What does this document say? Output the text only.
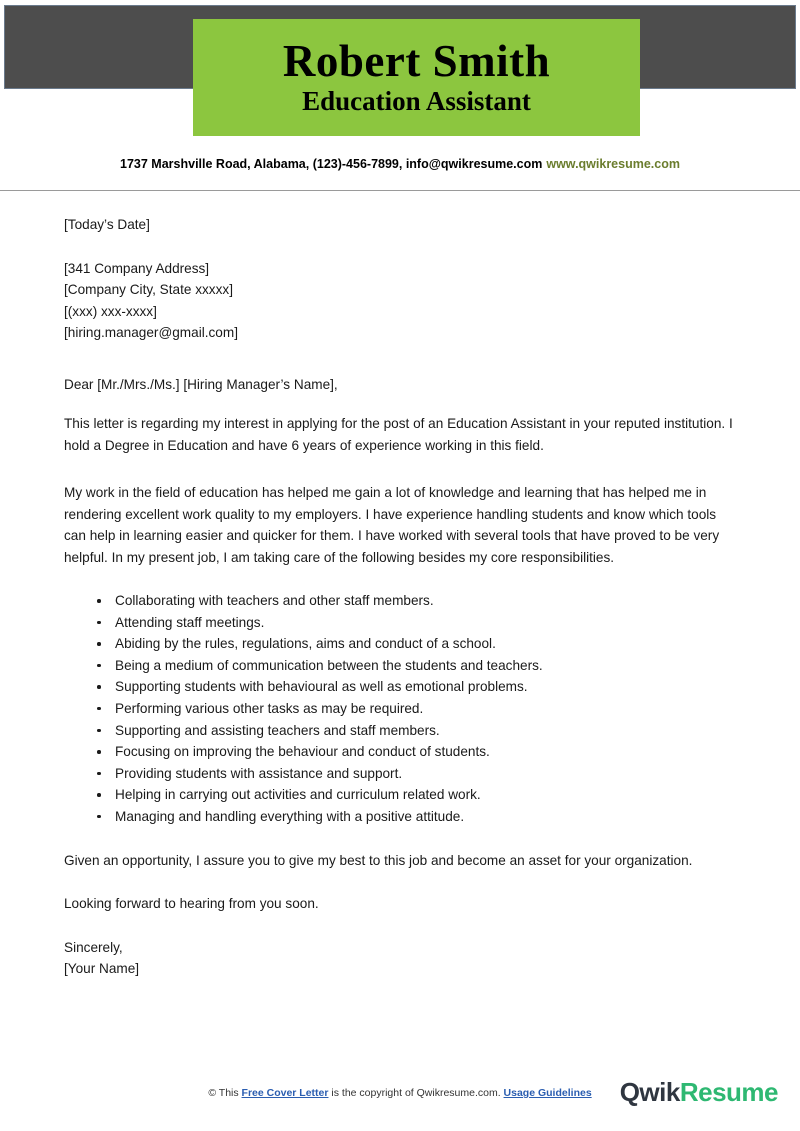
Robert Smith
Education Assistant
1737 Marshville Road, Alabama, (123)-456-7899, info@qwikresume.com www.qwikresume.com
[Today’s Date]
[341 Company Address]
[Company City, State xxxxx]
[(xxx) xxx-xxxx]
[hiring.manager@gmail.com]

Dear [Mr./Mrs./Ms.] [Hiring Manager’s Name],

This letter is regarding my interest in applying for the post of an Education Assistant in your reputed institution. I hold a Degree in Education and have 6 years of experience working in this field.

My work in the field of education has helped me gain a lot of knowledge and learning that has helped me in rendering excellent work quality to my employers. I have experience handling students and know which tools can help in learning easier and quicker for them. I have worked with several tools that have proved to be very helpful. In my present job, I am taking care of the following besides my core responsibilities.

Collaborating with teachers and other staff members.
Attending staff meetings.
Abiding by the rules, regulations, aims and conduct of a school.
Being a medium of communication between the students and teachers.
Supporting students with behavioural as well as emotional problems.
Performing various other tasks as may be required.
Supporting and assisting teachers and staff members.
Focusing on improving the behaviour and conduct of students.
Providing students with assistance and support.
Helping in carrying out activities and curriculum related work.
Managing and handling everything with a positive attitude.

Given an opportunity, I assure you to give my best to this job and become an asset for your organization.

Looking forward to hearing from you soon.

Sincerely,
[Your Name]
© This Free Cover Letter is the copyright of Qwikresume.com. Usage Guidelines	QwikResume
